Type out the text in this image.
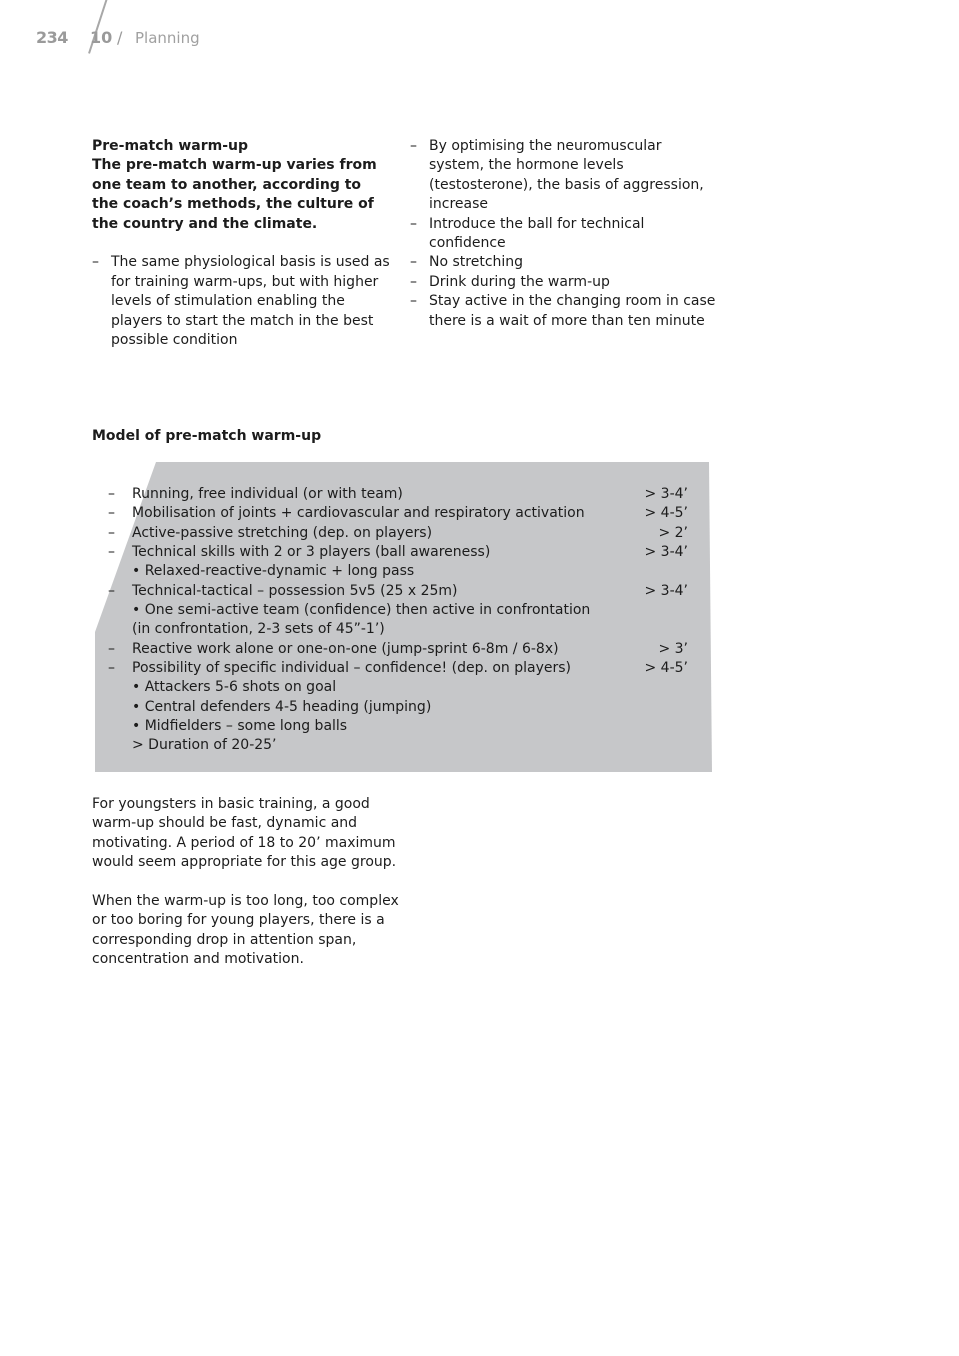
234 10 / Planning
Pre-match warm-up
The pre-match warm-up varies from one team to another, according to the coach’s methods, the culture of the country and the climate.
– The same physiological basis is used as for training warm-ups, but with higher levels of stimulation enabling the players to start the match in the best possible condition
– By optimising the neuromuscular system, the hormone levels (testosterone), the basis of aggression, increase
– Introduce the ball for technical confidence
– No stretching
– Drink during the warm-up
– Stay active in the changing room in case there is a wait of more than ten minute
Model of pre-match warm-up
– Running, free individual (or with team)	> 3-4’
– Mobilisation of joints + cardiovascular and respiratory activation	> 4-5’
– Active-passive stretching (dep. on players)	> 2’
– Technical skills with 2 or 3 players (ball awareness)	> 3-4’
• Relaxed-reactive-dynamic + long pass
– Technical-tactical – possession 5v5 (25 x 25m)	> 3-4’
• One semi-active team (confidence) then active in confrontation
(in confrontation, 2-3 sets of 45”-1’)
– Reactive work alone or one-on-one (jump-sprint 6-8m / 6-8x)	> 3’
– Possibility of specific individual – confidence! (dep. on players)	> 4-5’
• Attackers 5-6 shots on goal
• Central defenders 4-5 heading (jumping)
• Midfielders – some long balls
> Duration of 20-25’
For youngsters in basic training, a good warm-up should be fast, dynamic and motivating. A period of 18 to 20’ maximum would seem appropriate for this age group.
When the warm-up is too long, too complex or too boring for young players, there is a corresponding drop in attention span, concentration and motivation.
